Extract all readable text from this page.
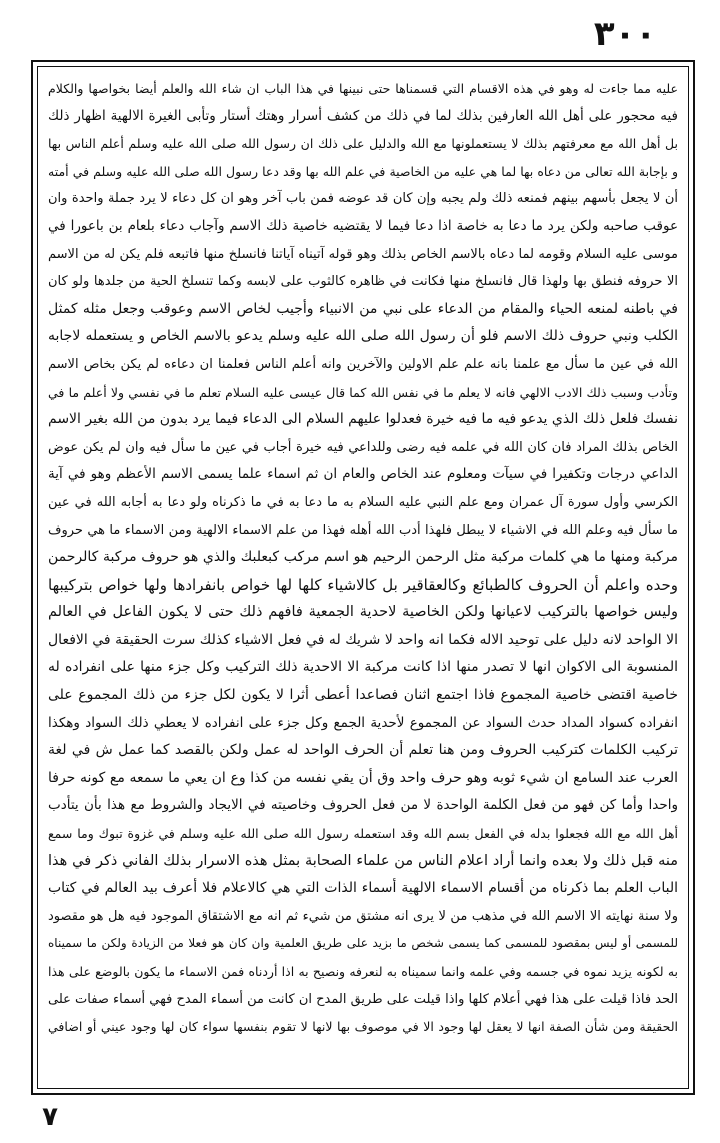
٣٠٠
عليه مما جاءت له وهو في هذه الاقسام التي قسمناها حتى نبينها في هذا الباب ان شاء الله والعلم أيضا بخواصها والكلام
فيه محجور على أهل الله العارفين بذلك لما في ذلك من كشف أسرار وهتك أستار وتأبى الغيرة الالهية اظهار ذلك
بل أهل الله مع معرفتهم بذلك لا يستعملونها مع الله والدليل على ذلك ان رسول الله صلى الله عليه وسلم أعلم الناس بها
و بإجابة الله تعالى من دعاه بها لما هي عليه من الخاصية في علم الله بها وقد دعا رسول الله صلى الله عليه وسلم في أمته
أن لا يجعل بأسهم بينهم فمنعه ذلك ولم يجبه وإن كان قد عوضه فمن باب آخر وهو ان كل دعاء لا يرد جملة واحدة وان
عوقب صاحبه ولكن يرد ما دعا به خاصة اذا دعا فيما لا يقتضيه خاصية ذلك الاسم وآجاب دعاء بلعام بن باعورا في
موسى عليه السلام وقومه لما دعاه بالاسم الخاص بذلك وهو قوله آتيناه آياتنا فانسلخ منها فاتبعه فلم يكن له من الاسم
الا حروفه فنطق بها ولهذا قال فانسلخ منها فكانت في ظاهره كالثوب على لابسه وكما تنسلخ الحية من جلدها ولو كان
في باطنه لمنعه الحياء والمقام من الدعاء على نبي من الانبياء وأجيب لخاص الاسم وعوقب وجعل مثله كمثل
الكلب ونبي حروف ذلك الاسم فلو أن رسول الله صلى الله عليه وسلم يدعو بالاسم الخاص و يستعمله لاجابه
الله في عين ما سأل مع علمنا بانه علم علم الاولين والآخرين وانه أعلم الناس فعلمنا ان دعاءه لم يكن بخاص الاسم
وتأدب وسبب ذلك الادب الالهي فانه لا يعلم ما في نفس الله كما قال عيسى عليه السلام تعلم ما في نفسي ولا أعلم ما في
نفسك فلعل ذلك الذي يدعو فيه ما فيه خيرة فعدلوا عليهم السلام الى الدعاء فيما يرد بدون من الله بغير الاسم
الخاص بذلك المراد فان كان الله في علمه فيه رضى وللداعي فيه خيرة أجاب في عين ما سأل فيه وان لم يكن عوض
الداعي درجات وتكفيرا في سيآت ومعلوم عند الخاص والعام ان ثم اسماء علما يسمى الاسم الأعظم وهو في آية
الكرسي وأول سورة آل عمران ومع علم النبي عليه السلام به ما دعا به في ما ذكرناه ولو دعا به أجابه الله في عين
ما سأل فيه وعلم الله في الاشياء لا يبطل فلهذا أدب الله أهله فهذا من علم الاسماء الالهية ومن الاسماء ما هي حروف
مركبة ومنها ما هي كلمات مركبة مثل الرحمن الرحيم هو اسم مركب كبعلبك والذي هو حروف مركبة كالرحمن
وحده واعلم أن الحروف كالطبائع وكالعقاقير بل كالاشياء كلها لها خواص بانفرادها ولها خواص بتركيبها
وليس خواصها بالتركيب لاعيانها ولكن الخاصية لاحدية الجمعية فافهم ذلك حتى لا يكون الفاعل في العالم
الا الواحد لانه دليل على توحيد الاله فكما انه واحد لا شريك له في فعل الاشياء كذلك سرت الحقيقة في الافعال
المنسوبة الى الاكوان انها لا تصدر منها اذا كانت مركبة الا الاحدية ذلك التركيب وكل جزء منها على انفراده له
خاصية اقتضى خاصية المجموع فاذا اجتمع اثنان فصاعدا أعطى أثرا لا يكون لكل جزء من ذلك المجموع على
انفراده كسواد المداد حدث السواد عن المجموع لأحدية الجمع وكل جزء على انفراده لا يعطي ذلك السواد وهكذا
تركيب الكلمات كتركيب الحروف ومن هنا تعلم أن الحرف الواحد له عمل ولكن بالقصد كما عمل ش في لغة
العرب عند السامع ان شيء ثوبه وهو حرف واحد وق أن يقي نفسه من كذا وع ان يعي ما سمعه مع كونه حرفا
واحدا وأما كن فهو من فعل الكلمة الواحدة لا من فعل الحروف وخاصيته في الايجاد والشروط مع هذا بأن يتأدب
أهل الله مع الله فجعلوا بدله في الفعل بسم الله وقد استعمله رسول الله صلى الله عليه وسلم في غزوة تبوك وما سمع
منه قبل ذلك ولا بعده وانما أراد اعلام الناس من علماء الصحابة بمثل هذه الاسرار بذلك الفاني ذكر في هذا
الباب العلم بما ذكرناه من أقسام الاسماء الالهية أسماء الذات التي هي كالاعلام فلا أعرف بيد العالم في كتاب
ولا سنة نهايته الا الاسم الله في مذهب من لا يرى انه مشتق من شيء ثم انه مع الاشتقاق الموجود فيه هل هو مقصود
للمسمى أو ليس بمقصود للمسمى كما يسمى شخص ما بزيد على طريق العلمية وان كان هو فعلا من الزيادة ولكن ما سميناه
به لكونه يزيد نموه في جسمه وفي علمه وانما سميناه به لنعرفه ونصيح به اذا أردناه فمن الاسماء ما يكون بالوضع على هذا
الحد فاذا قيلت على هذا فهي أعلام كلها واذا قيلت على طريق المدح ان كانت من أسماء المدح فهي أسماء صفات على
الحقيقة ومن شأن الصفة انها لا يعقل لها وجود الا في موصوف بها لانها لا تقوم بنفسها سواء كان لها وجود عيني أو اضافي
٧
